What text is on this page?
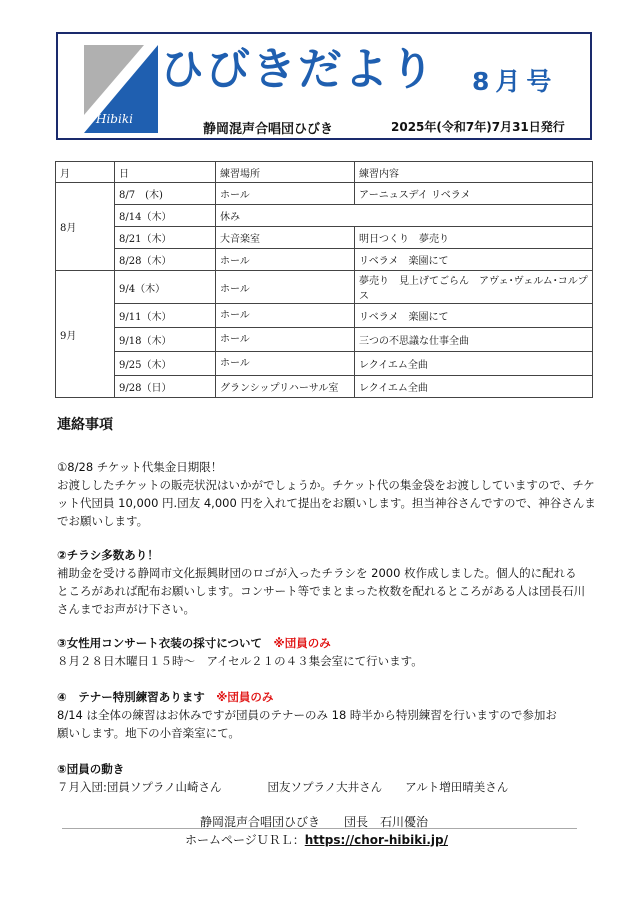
Hibiki
ひびきだより 8月号
静岡混声合唱団ひびき	2025年(令和7年)7月31日発行
月	日	練習場所	練習内容
8月	8/7　(木)	ホール	アーニュスデイ リベラメ
	8/14（木）	休み	
	8/21（木）	大音楽室	明日つくり　夢売り
	8/28（木）	ホール	リベラメ　楽園にて
9月	9/4（木）	ホール	夢売り　見上げてごらん　アヴェ･ヴェルム･コルプス
	9/11（木）	ホール	リベラメ　楽園にて
	9/18（木）	ホール	三つの不思議な仕事全曲
	9/25（木）	ホール	レクイエム全曲
	9/28（日）	グランシップリハーサル室	レクイエム全曲
連絡事項
①8/28 チケット代集金日期限！
お渡ししたチケットの販売状況はいかがでしょうか。チケット代の集金袋をお渡ししていますので、チケ
ット代団員 10,000 円.団友 4,000 円を入れて提出をお願いします。担当神谷さんですので、神谷さんま
でお願いします。
②チラシ多数あり！
補助金を受ける静岡市文化振興財団のロゴが入ったチラシを 2000 枚作成しました。個人的に配れる
ところがあれば配布お願いします。コンサート等でまとまった枚数を配れるところがある人は団長石川
さんまでお声がけ下さい。
③女性用コンサート衣装の採寸について　 ※団員のみ
８月２８日木曜日１５時～　アイセル２１の４３集会室にて行います。
④　テナー特別練習あります　 ※団員のみ
8/14 は全体の練習はお休みですが団員のテナーのみ 18 時半から特別練習を行いますので参加お
願いします。地下の小音楽室にて。
⑤団員の動き
７月入団:団員ソプラノ山崎さん　　　　団友ソプラノ大井さん　　アルト増田晴美さん
静岡混声合唱団ひびき　　団長　石川優治
ホームページＵＲＬ：https://chor-hibiki.jp/
